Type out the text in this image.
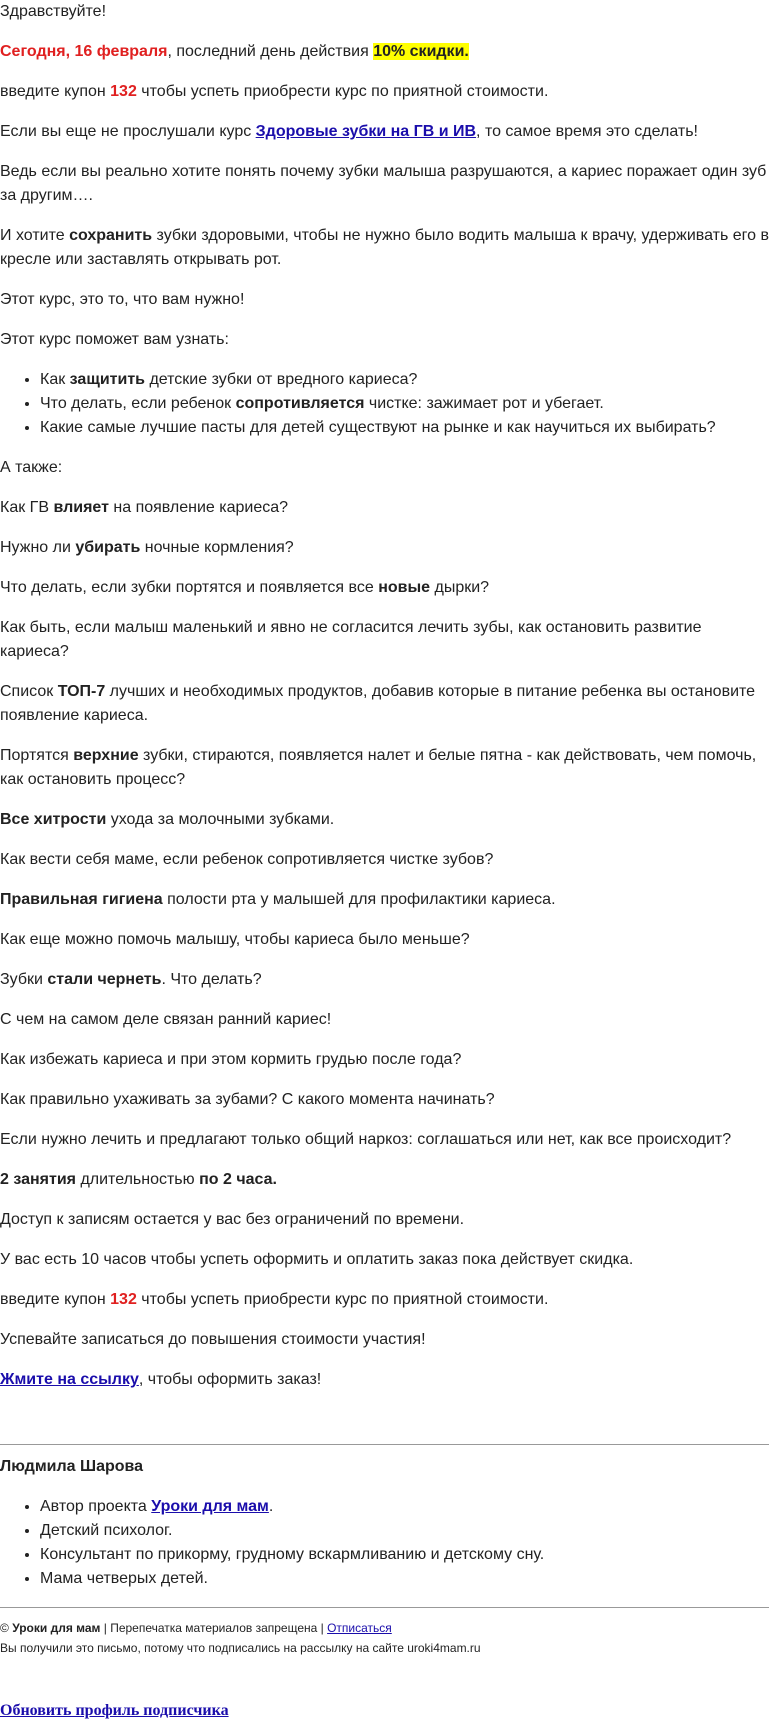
Здравствуйте!

Сегодня, 16 февраля, последний день действия 10% скидки.

введите купон 132 чтобы успеть приобрести курс по приятной стоимости.

Если вы еще не прослушали курс Здоровые зубки на ГВ и ИВ, то самое время это сделать!

Ведь если вы реально хотите понять почему зубки малыша разрушаются, а кариес поражает один зуб за другим….

И хотите сохранить зубки здоровыми, чтобы не нужно было водить малыша к врачу, удерживать его в кресле или заставлять открывать рот.

Этот курс, это то, что вам нужно!

Этот курс поможет вам узнать:

• Как защитить детские зубки от вредного кариеса?
• Что делать, если ребенок сопротивляется чистке: зажимает рот и убегает.
• Какие самые лучшие пасты для детей существуют на рынке и как научиться их выбирать?

А также:

Как ГВ влияет на появление кариеса?

Нужно ли убирать ночные кормления?

Что делать, если зубки портятся и появляется все новые дырки?

Как быть, если малыш маленький и явно не согласится лечить зубы, как остановить развитие кариеса?

Список ТОП-7 лучших и необходимых продуктов, добавив которые в питание ребенка вы остановите появление кариеса.

Портятся верхние зубки, стираются, появляется налет и белые пятна - как действовать, чем помочь, как остановить процесс?

Все хитрости ухода за молочными зубками.

Как вести себя маме, если ребенок сопротивляется чистке зубов?

Правильная гигиена полости рта у малышей для профилактики кариеса.

Как еще можно помочь малышу, чтобы кариеса было меньше?

Зубки стали чернеть. Что делать?

С чем на самом деле связан ранний кариес!

Как избежать кариеса и при этом кормить грудью после года?

Как правильно ухаживать за зубами? С какого момента начинать?

Если нужно лечить и предлагают только общий наркоз: соглашаться или нет, как все происходит?

2 занятия длительностью по 2 часа.

Доступ к записям остается у вас без ограничений по времени.

У вас есть 10 часов чтобы успеть оформить и оплатить заказ пока действует скидка.

введите купон 132 чтобы успеть приобрести курс по приятной стоимости.

Успевайте записаться до повышения стоимости участия!

Жмите на ссылку, чтобы оформить заказ!

Людмила Шарова
• Автор проекта Уроки для мам.
• Детский психолог.
• Консультант по прикорму, грудному вскармливанию и детскому сну.
• Мама четверых детей.

© Уроки для мам | Перепечатка материалов запрещена | Отписаться

Вы получили это письмо, потому что подписались на рассылку на сайте uroki4mam.ru

Обновить профиль подписчика
